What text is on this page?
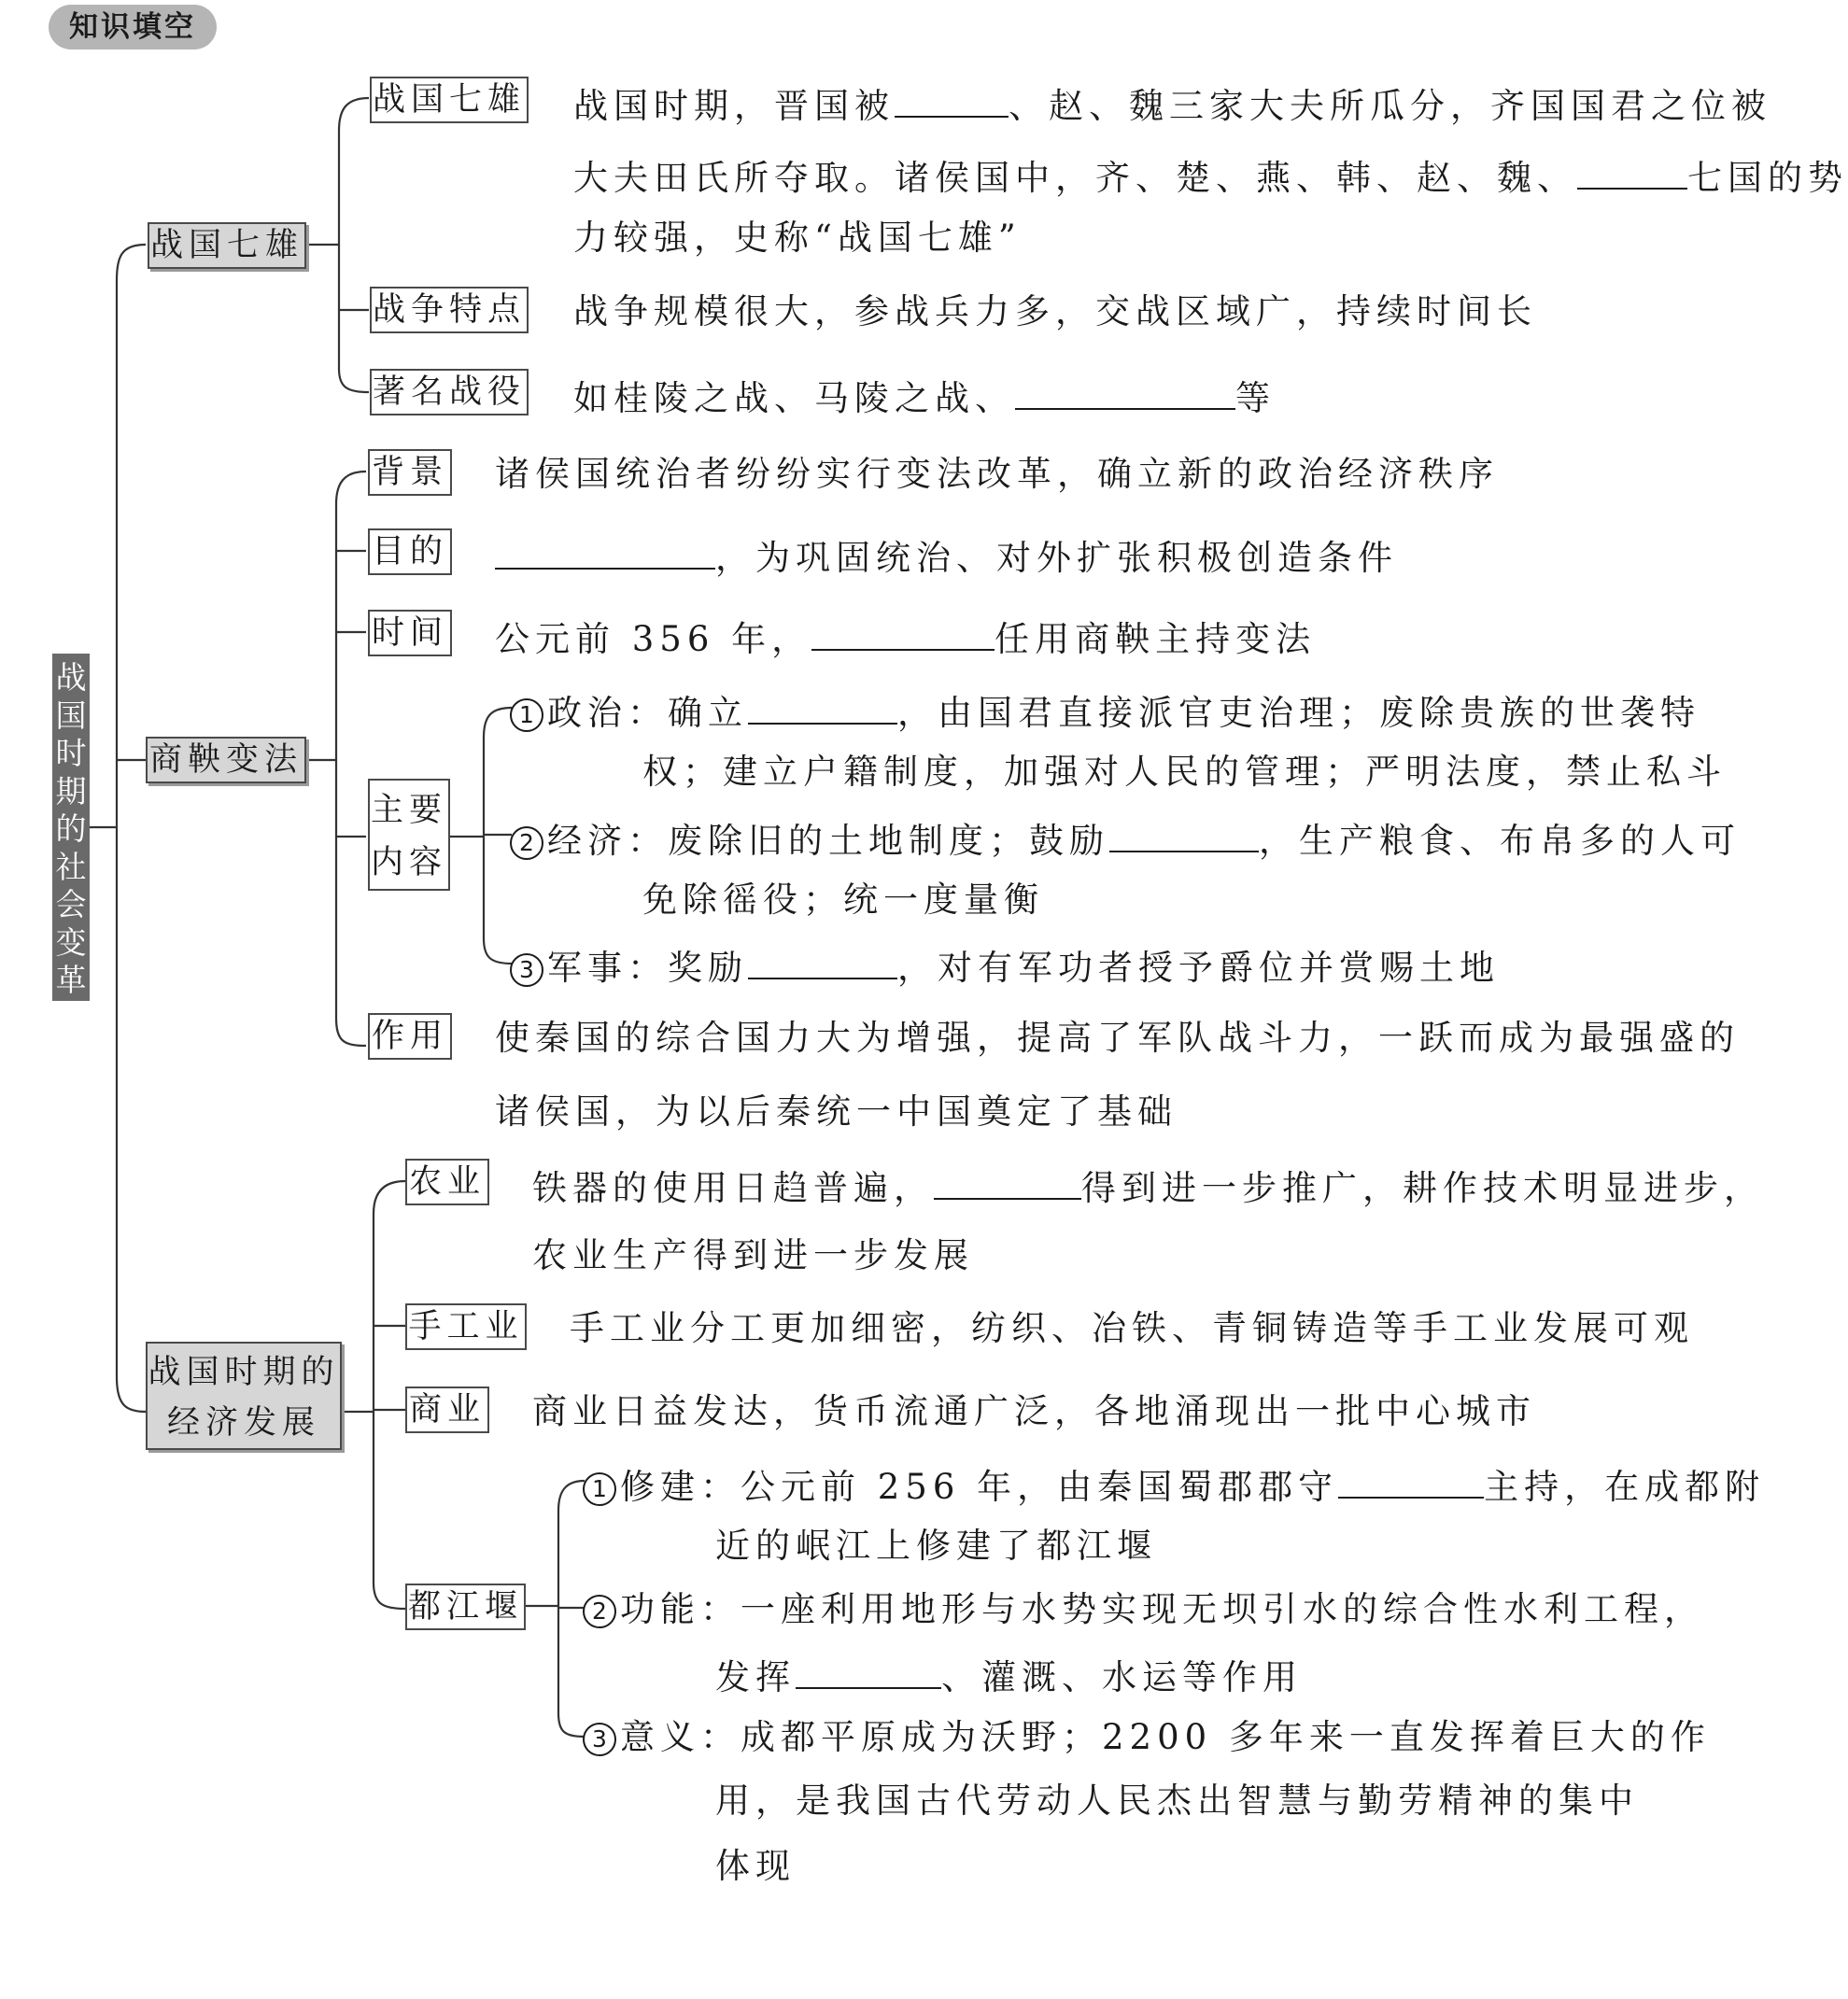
知识填空
战国时期的社会变革
战国七雄
战国七雄 战国时期，晋国被	、赵、魏三家大夫所瓜分，齐国国君之位被
大夫田氏所夺取。诸侯国中，齐、楚、燕、韩、赵、魏、	七国的势
力较强，史称“战国七雄”
战争特点 战争规模很大，参战兵力多，交战区域广，持续时间长
著名战役 如桂陵之战、马陵之战、	等
商鞅变法
背景 诸侯国统治者纷纷实行变法改革，确立新的政治经济秩序
目的	，为巩固统治、对外扩张积极创造条件
时间 公元前 356 年，	任用商鞅主持变法
主要
内容
1 政治：确立	，由国君直接派官吏治理；废除贵族的世袭特
权；建立户籍制度，加强对人民的管理；严明法度，禁止私斗
2 经济：废除旧的土地制度；鼓励	，生产粮食、布帛多的人可
免除徭役；统一度量衡
3 军事：奖励	，对有军功者授予爵位并赏赐土地
作用 使秦国的综合国力大为增强，提高了军队战斗力，一跃而成为最强盛的
诸侯国，为以后秦统一中国奠定了基础
战国时期的
经济发展
农业 铁器的使用日趋普遍，	得到进一步推广，耕作技术明显进步，
农业生产得到进一步发展
手工业 手工业分工更加细密，纺织、冶铁、青铜铸造等手工业发展可观
商业 商业日益发达，货币流通广泛，各地涌现出一批中心城市
都江堰
1 修建：公元前 256 年，由秦国蜀郡郡守	主持，在成都附
近的岷江上修建了都江堰
2 功能：一座利用地形与水势实现无坝引水的综合性水利工程，
发挥	、灌溉、水运等作用
3 意义：成都平原成为沃野；2200 多年来一直发挥着巨大的作
用，是我国古代劳动人民杰出智慧与勤劳精神的集中
体现
